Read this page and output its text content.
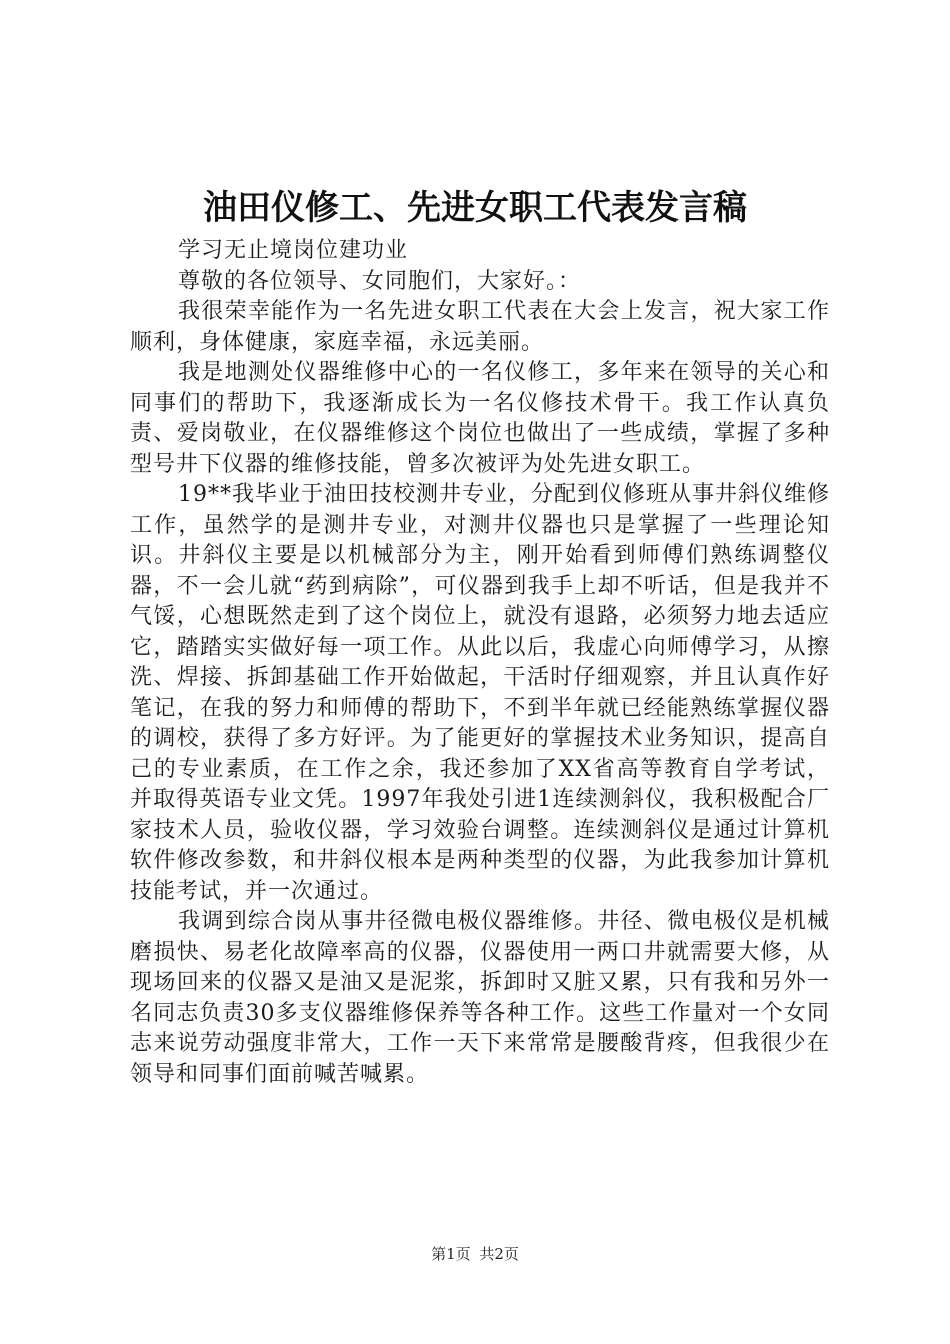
油田仪修工、先进女职工代表发言稿

学习无止境岗位建功业

尊敬的各位领导、女同胞们，大家好。：

我很荣幸能作为一名先进女职工代表在大会上发言，祝大家工作顺利，身体健康，家庭幸福，永远美丽。

我是地测处仪器维修中心的一名仪修工，多年来在领导的关心和同事们的帮助下，我逐渐成长为一名仪修技术骨干。我工作认真负责、爱岗敬业，在仪器维修这个岗位也做出了一些成绩，掌握了多种型号井下仪器的维修技能，曾多次被评为处先进女职工。

19**我毕业于油田技校测井专业，分配到仪修班从事井斜仪维修工作，虽然学的是测井专业，对测井仪器也只是掌握了一些理论知识。井斜仪主要是以机械部分为主，刚开始看到师傅们熟练调整仪器，不一会儿就“药到病除”，可仪器到我手上却不听话，但是我并不气馁，心想既然走到了这个岗位上，就没有退路，必须努力地去适应它，踏踏实实做好每一项工作。从此以后，我虚心向师傅学习，从擦洗、焊接、拆卸基础工作开始做起，干活时仔细观察，并且认真作好笔记，在我的努力和师傅的帮助下，不到半年就已经能熟练掌握仪器的调校，获得了多方好评。为了能更好的掌握技术业务知识，提高自己的专业素质，在工作之余，我还参加了XX省高等教育自学考试，并取得英语专业文凭。1997年我处引进1连续测斜仪，我积极配合厂家技术人员，验收仪器，学习效验台调整。连续测斜仪是通过计算机软件修改参数，和井斜仪根本是两种类型的仪器，为此我参加计算机技能考试，并一次通过。

我调到综合岗从事井径微电极仪器维修。井径、微电极仪是机械磨损快、易老化故障率高的仪器，仪器使用一两口井就需要大修，从现场回来的仪器又是油又是泥浆，拆卸时又脏又累，只有我和另外一名同志负责30多支仪器维修保养等各种工作。这些工作量对一个女同志来说劳动强度非常大，工作一天下来常常是腰酸背疼，但我很少在领导和同事们面前喊苦喊累。

第1页 共2页
